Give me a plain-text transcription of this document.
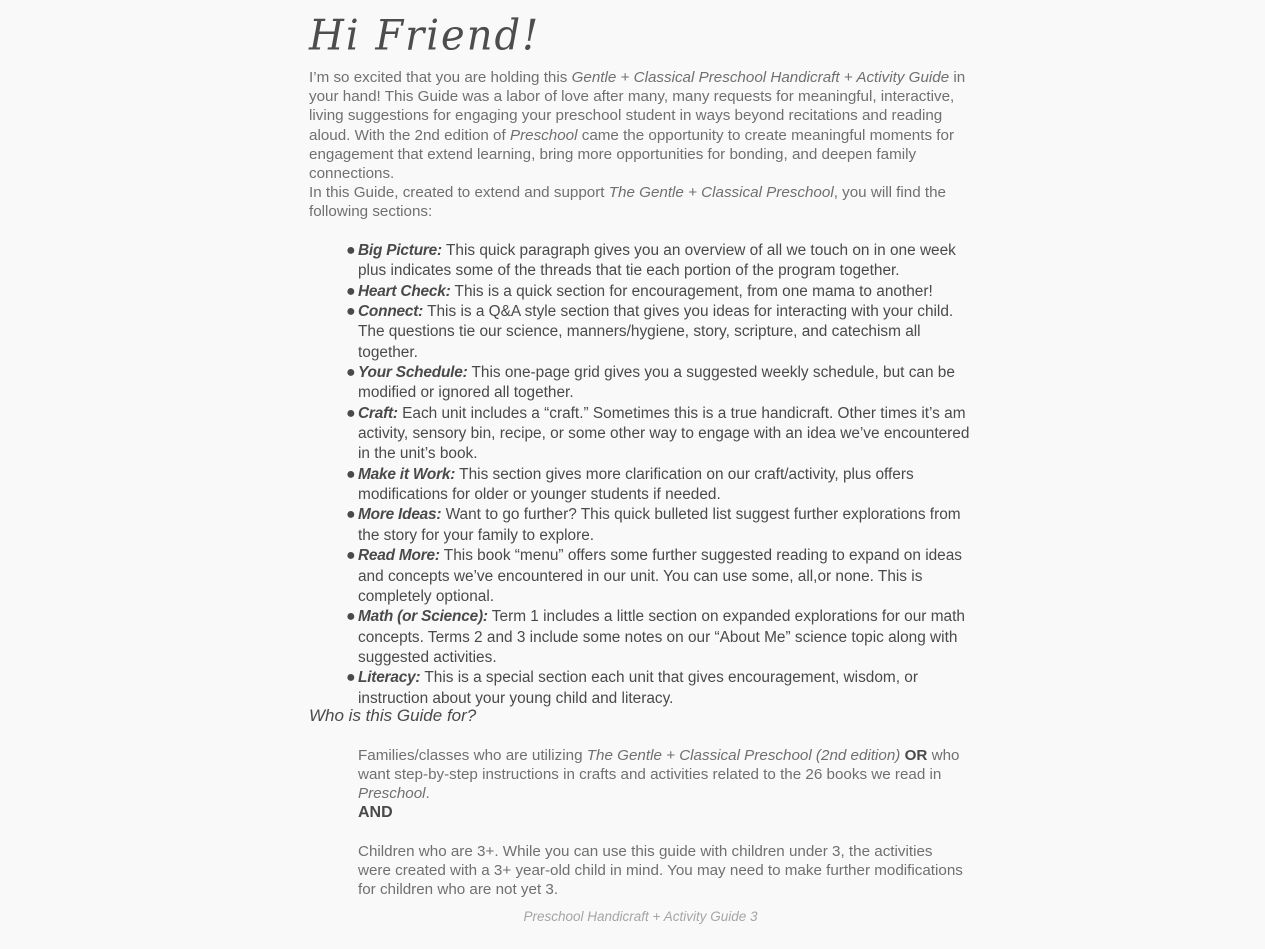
Hi Friend!

I’m so excited that you are holding this Gentle + Classical Preschool Handicraft + Activity Guide in your hand! This Guide was a labor of love after many, many requests for meaningful, interactive, living suggestions for engaging your preschool student in ways beyond recitations and reading aloud. With the 2nd edition of Preschool came the opportunity to create meaningful moments for engagement that extend learning, bring more opportunities for bonding, and deepen family connections.

In this Guide, created to extend and support The Gentle + Classical Preschool, you will find the following sections:

● Big Picture: This quick paragraph gives you an overview of all we touch on in one week plus indicates some of the threads that tie each portion of the program together.
● Heart Check: This is a quick section for encouragement, from one mama to another!
● Connect: This is a Q&A style section that gives you ideas for interacting with your child. The questions tie our science, manners/hygiene, story, scripture, and catechism all together.
● Your Schedule: This one-page grid gives you a suggested weekly schedule, but can be modified or ignored all together.
● Craft: Each unit includes a “craft.” Sometimes this is a true handicraft. Other times it’s am activity, sensory bin, recipe, or some other way to engage with an idea we’ve encountered in the unit’s book.
● Make it Work: This section gives more clarification on our craft/activity, plus offers modifications for older or younger students if needed.
● More Ideas: Want to go further? This quick bulleted list suggest further explorations from the story for your family to explore.
● Read More: This book “menu” offers some further suggested reading to expand on ideas and concepts we’ve encountered in our unit. You can use some, all,or none. This is completely optional.
● Math (or Science): Term 1 includes a little section on expanded explorations for our math concepts. Terms 2 and 3 include some notes on our “About Me” science topic along with suggested activities.
● Literacy: This is a special section each unit that gives encouragement, wisdom, or instruction about your young child and literacy.
Who is this Guide for?

Families/classes who are utilizing The Gentle + Classical Preschool (2nd edition) OR who want step-by-step instructions in crafts and activities related to the 26 books we read in Preschool.

AND

Children who are 3+. While you can use this guide with children under 3, the activities were created with a 3+ year-old child in mind. You may need to make further modifications for children who are not yet 3.

Preschool Handicraft + Activity Guide 3
